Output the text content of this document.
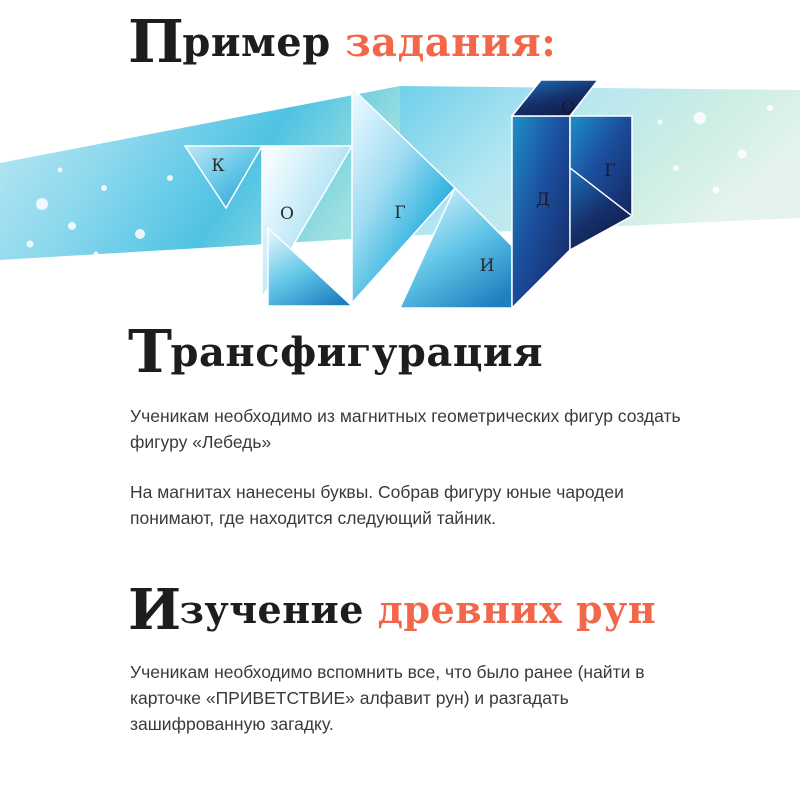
К
О	Г
И
Д
О
Г
Пример задания:
Трансфигурация

Ученикам необходимо из магнитных геометрических фигур создать фигуру «Лебедь»

На магнитах нанесены буквы. Собрав фигуру юные чародеи понимают, где находится следующий тайник.

Изучение древних рун

Ученикам необходимо вспомнить все, что было ранее (найти в карточке «ПРИВЕТСТВИЕ» алфавит рун) и разгадать зашифрованную загадку.
